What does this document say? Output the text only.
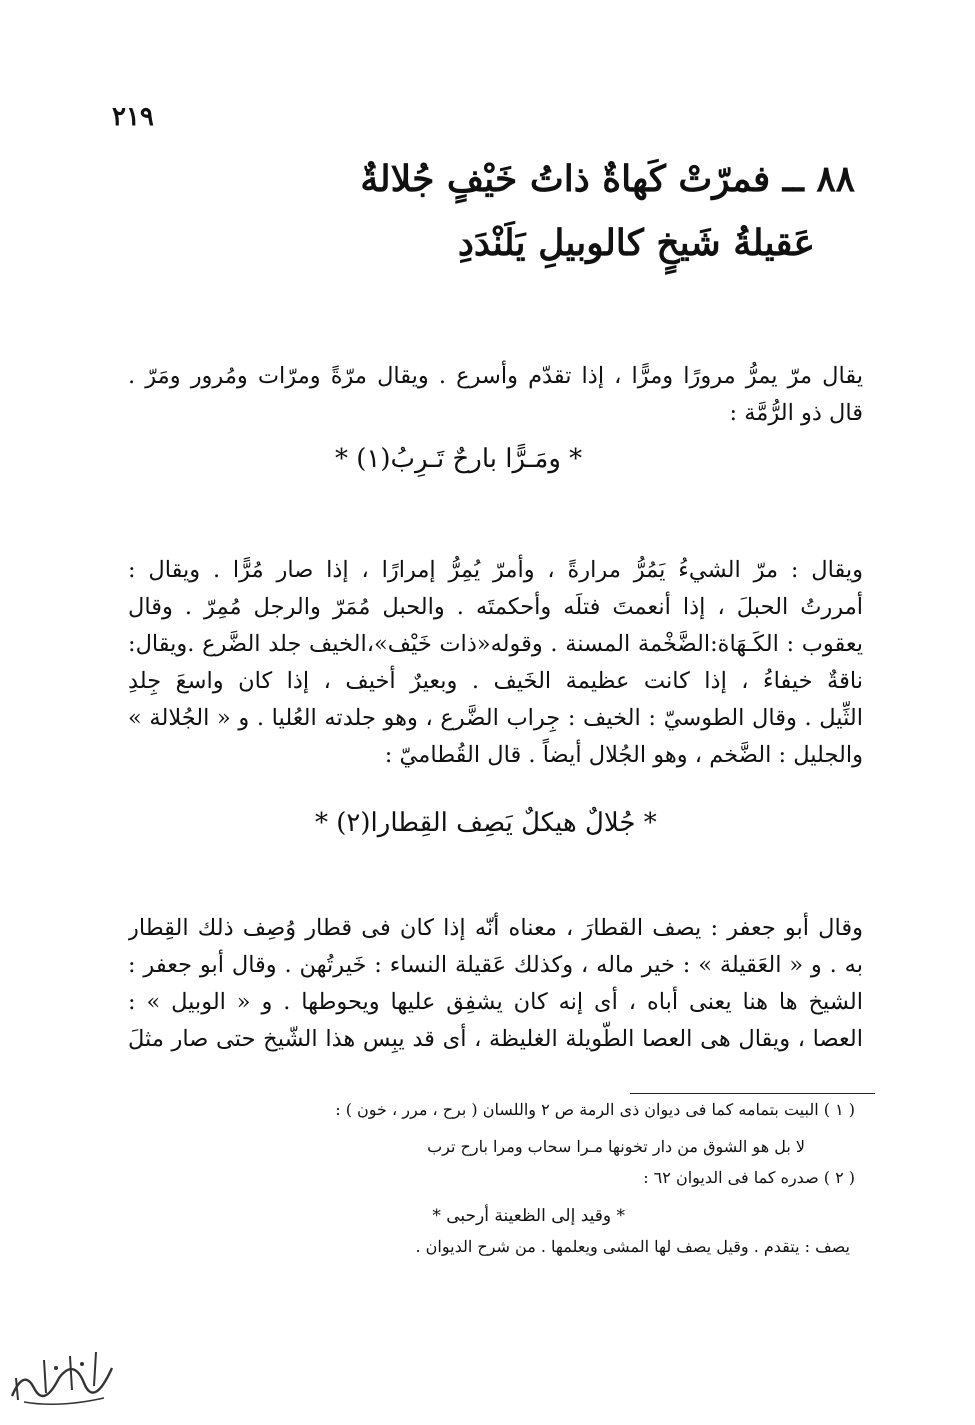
٢١٩
٨٨ ــ فمرّتْ كَهاةٌ ذاتُ خَيْفٍ جُلالةٌ
عَقيلةُ شَيخٍ كالوبيلِ يَلَنْدَدِ
يقال مرّ يمرُّ مرورًا ومرًّا ، إذا تقدّم وأسرع . ويقال مرّةً ومرّات ومُرور ومَرّ .
قال ذو الرُّمَّة :
* ومَـرًّا بارحٌ تَـرِبُ(١) *
ويقال : مرّ الشيءُ يَمُرُّ مرارةً ، وأمرّ يُمِرُّ إمرارًا ، إذا صار مُرًّا . ويقال :
أمررتُ الحبلَ ، إذا أنعمتَ فتلَه وأحكمتَه . والحبل مُمَرّ والرجل مُمِرّ . وقال
يعقوب : الكَـهَاة:الضَّخْمة المسنة . وقوله«ذات خَيْف»،الخيف جلد الضَّرع .ويقال:
ناقةٌ خيفاءُ ، إذا كانت عظيمة الخَيف . وبعيرٌ أخيف ، إذا كان واسعَ جِلدِ
الثِّيل . وقال الطوسيّ : الخيف : جِراب الضَّرع ، وهو جلدته العُليا . و « الجُلالة »
والجليل : الضَّخم ، وهو الجُلال أيضاً . قال القُطاميّ :
* جُلالٌ هيكلٌ يَصِف القِطارا(٢) *
وقال أبو جعفر : يصف القطارَ ، معناه أنّه إذا كان فى قطار وُصِف ذلك القِطار
به . و « العَقيلة » : خير ماله ، وكذلك عَقيلة النساء : خَيرتُهن . وقال أبو جعفر :
الشيخ ها هنا يعنى أباه ، أى إنه كان يشفِق عليها ويحوطها . و « الوبيل » :
العصا ، ويقال هى العصا الطّويلة الغليظة ، أى قد يبِس هذا الشّيخ حتى صار مثلَ
( ١ ) البيت بتمامه كما فى ديوان ذى الرمة ص ٢ واللسان ( برح ، مرر ، خون ) :
لا بل هو الشوق من دار تخونها مـرا سحاب ومرا بارح ترب
( ٢ ) صدره كما فى الديوان ٦٢ :
* وقيد إلى الظعينة أرحبى *
يصف : يتقدم . وقيل يصف لها المشى ويعلمها . من شرح الديوان .
